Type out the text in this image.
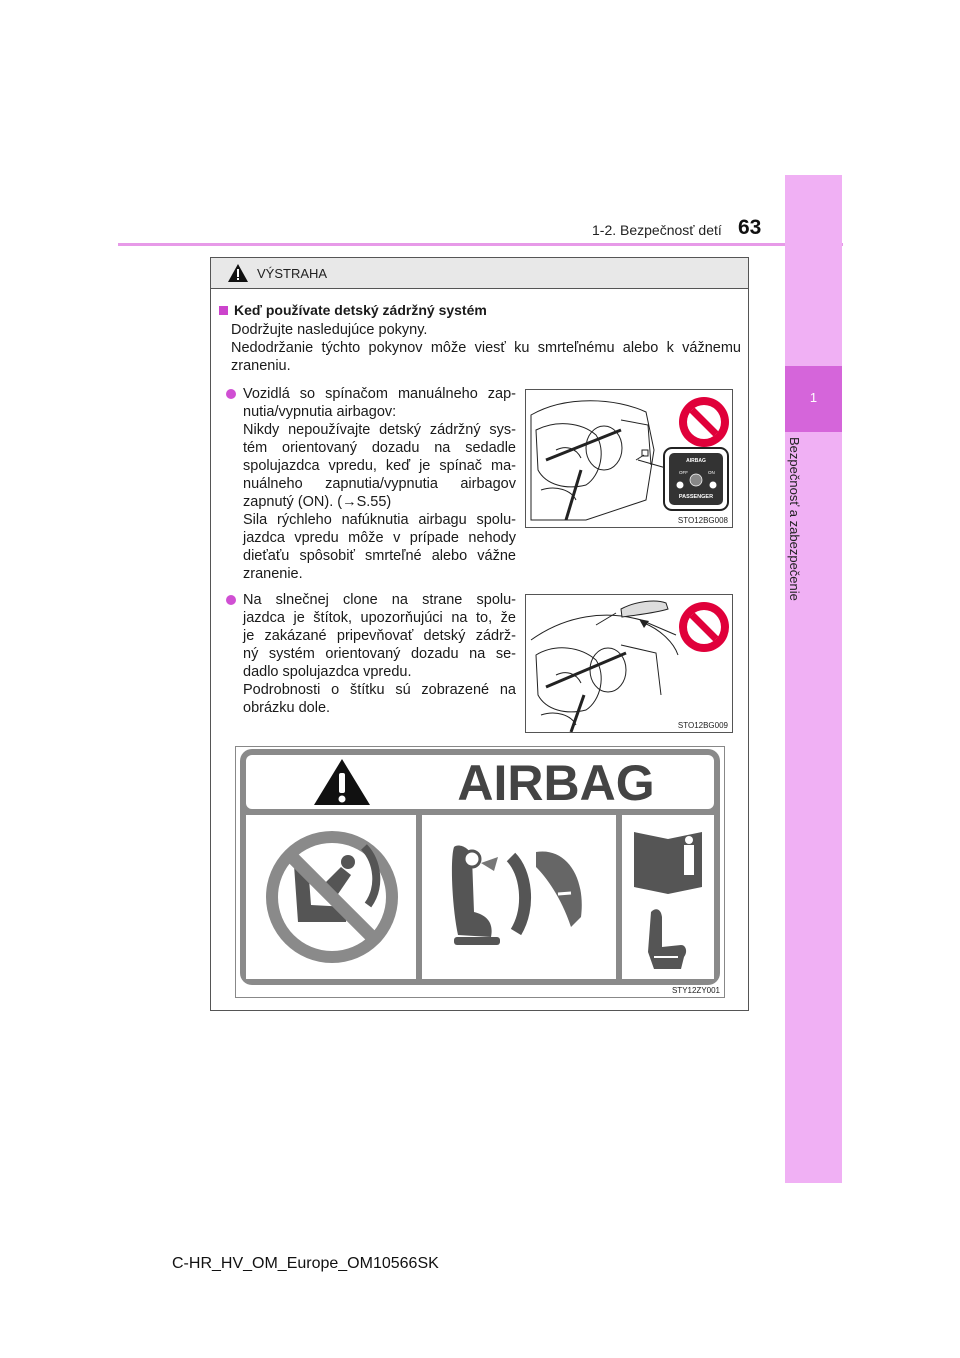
1-2. Bezpečnosť detí 63
1
Bezpečnosť a zabezpečenie
VÝSTRAHA
Keď používate detský zádržný systém
Dodržujte nasledujúce pokyny.
Nedodržanie týchto pokynov môže viesť ku smrteľnému alebo k vážnemu
zraneniu.
Vozidlá so spínačom manuálneho zap-
nutia/vypnutia airbagov:
Nikdy nepoužívajte detský zádržný sys-
tém orientovaný dozadu na sedadle
spolujazdca vpredu, keď je spínač ma-
nuálneho zapnutia/vypnutia airbagov
zapnutý (ON). (→S.55)
Sila rýchleho nafúknutia airbagu spolu-
jazdca vpredu môže v prípade nehody
dieťaťu spôsobiť smrteľné alebo vážne
zranenie.
AIRBAG
OFF	ON
PASSENGER
STO12BG008
Na slnečnej clone na strane spolu-
jazdca je štítok, upozorňujúci na to, že
je zakázané pripevňovať detský zádrž-
ný systém orientovaný dozadu na se-
dadlo spolujazdca vpredu.
Podrobnosti o štítku sú zobrazené na
obrázku dole.
STO12BG009
AIRBAG
STY12ZY001
C-HR_HV_OM_Europe_OM10566SK
